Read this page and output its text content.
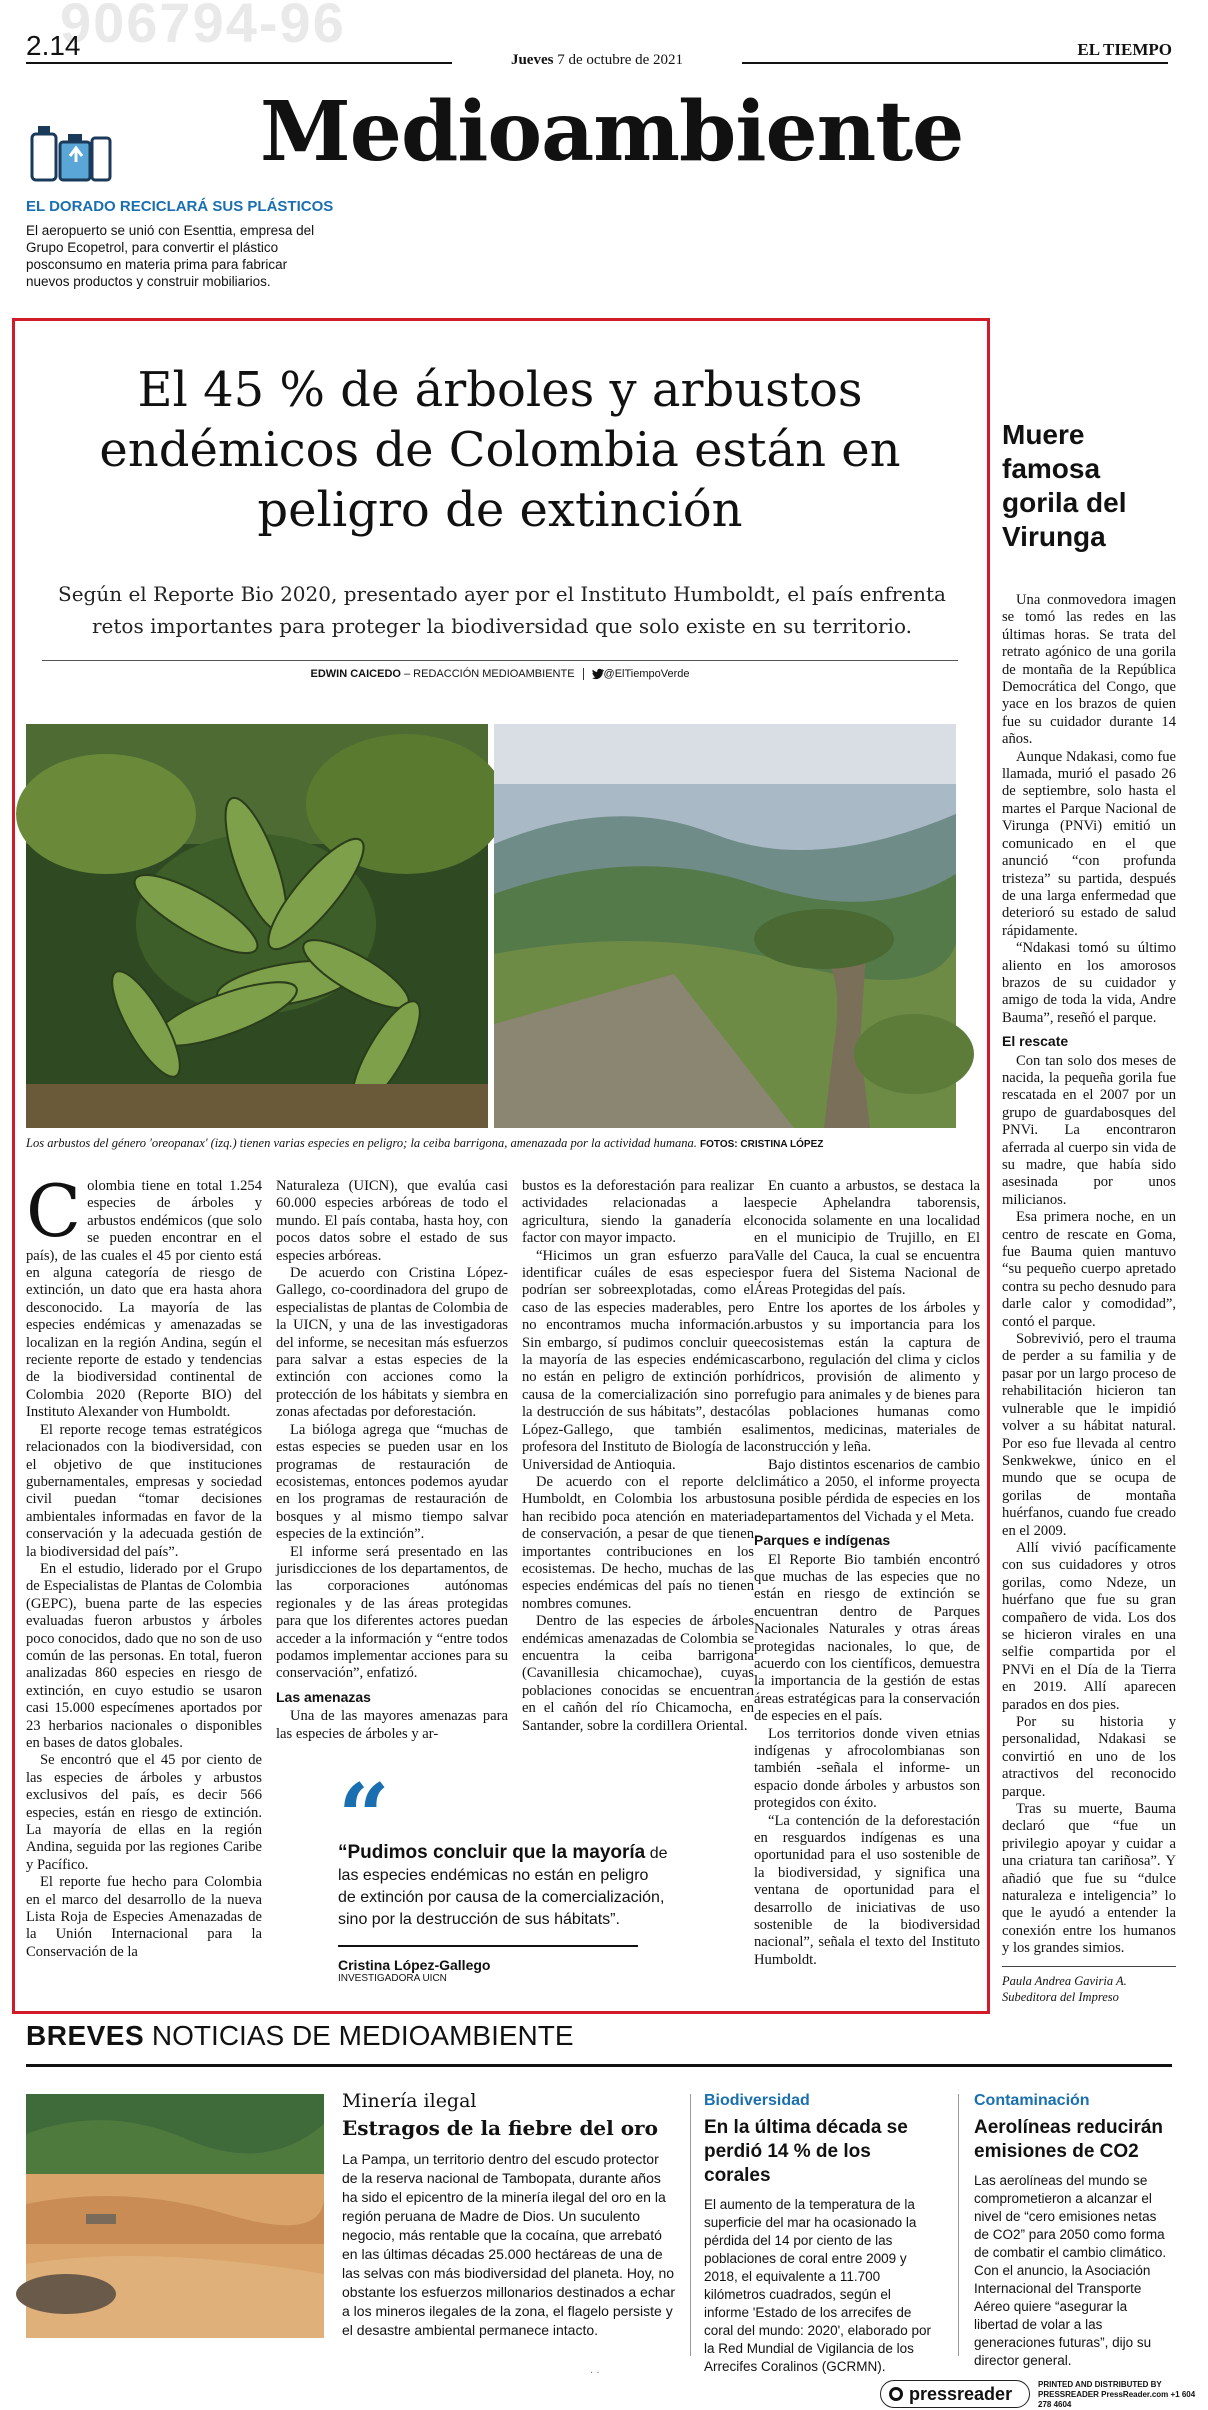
906794-96
2.14	Jueves 7 de octubre de 2021
EL TIEMPO
Medioambiente
EL DORADO RECICLARÁ SUS PLÁSTICOS
El aeropuerto se unió con Esenttia, empresa del Grupo Ecopetrol, para convertir el plástico posconsumo en materia prima para fabricar nuevos productos y construir mobiliarios.
El 45 % de árboles y arbustos endémicos de Colombia están en peligro de extinción
Según el Reporte Bio 2020, presentado ayer por el Instituto Humboldt, el país enfrenta retos importantes para proteger la biodiversidad que solo existe en su territorio.
EDWIN CAICEDO – REDACCIÓN MEDIOAMBIENTE	@ElTiempoVerde
Los arbustos del género 'oreopanax' (izq.) tienen varias especies en peligro; la ceiba barrigona, amenazada por la actividad humana. FOTOS: CRISTINA LÓPEZ

Colombia tiene en total 1.254 especies de árboles y arbustos endémicos (que solo se pueden encontrar en el país), de las cuales el 45 por ciento está en alguna categoría de riesgo de extinción, un dato que era hasta ahora desconocido. La mayoría de las especies endémicas y amenazadas se localizan en la región Andina, según el reciente reporte de estado y tendencias de la biodiversidad continental de Colombia 2020 (Reporte BIO) del Instituto Alexander von Humboldt.

El reporte recoge temas estratégicos relacionados con la biodiversidad, con el objetivo de que instituciones gubernamentales, empresas y sociedad civil puedan “tomar decisiones ambientales informadas en favor de la conservación y la adecuada gestión de la biodiversidad del país”.

En el estudio, liderado por el Grupo de Especialistas de Plantas de Colombia (GEPC), buena parte de las especies evaluadas fueron arbustos y árboles poco conocidos, dado que no son de uso común de las personas. En total, fueron analizadas 860 especies en riesgo de extinción, en cuyo estudio se usaron casi 15.000 especímenes aportados por 23 herbarios nacionales o disponibles en bases de datos globales.

Se encontró que el 45 por ciento de las especies de árboles y arbustos exclusivos del país, es decir 566 especies, están en riesgo de extinción. La mayoría de ellas en la región Andina, seguida por las regiones Caribe y Pacífico.

El reporte fue hecho para Colombia en el marco del desarrollo de la nueva Lista Roja de Especies Amenazadas de la Unión Internacional para la Conservación de la

Naturaleza (UICN), que evalúa casi 60.000 especies arbóreas de todo el mundo. El país contaba, hasta hoy, con pocos datos sobre el estado de sus especies arbóreas.

De acuerdo con Cristina López-Gallego, co-coordinadora del grupo de especialistas de plantas de Colombia de la UICN, y una de las investigadoras del informe, se necesitan más esfuerzos para salvar a estas especies de la extinción con acciones como la protección de los hábitats y siembra en zonas afectadas por deforestación.

La bióloga agrega que “muchas de estas especies se pueden usar en los programas de restauración de ecosistemas, entonces podemos ayudar en los programas de restauración de bosques y al mismo tiempo salvar especies de la extinción”.

El informe será presentado en las jurisdicciones de los departamentos, de las corporaciones autónomas regionales y de las áreas protegidas para que los diferentes actores puedan acceder a la información y “entre todos podamos implementar acciones para su conservación”, enfatizó.

Las amenazas

Una de las mayores amenazas para las especies de árboles y ar-

bustos es la deforestación para realizar actividades relacionadas a la agricultura, siendo la ganadería el factor con mayor impacto.

“Hicimos un gran esfuerzo para identificar cuáles de esas especies podrían ser sobreexplotadas, como el caso de las especies maderables, pero no encontramos mucha información. Sin embargo, sí pudimos concluir que la mayoría de las especies endémicas no están en peligro de extinción por causa de la comercialización sino por la destrucción de sus hábitats”, destacó López-Gallego, que también es profesora del Instituto de Biología de la Universidad de Antioquia.

De acuerdo con el reporte del Humboldt, en Colombia los arbustos han recibido poca atención en materia de conservación, a pesar de que tienen importantes contribuciones en los ecosistemas. De hecho, muchas de las especies endémicas del país no tienen nombres comunes.

Dentro de las especies de árboles endémicas amenazadas de Colombia se encuentra la ceiba barrigona (Cavanillesia chicamochae), cuyas poblaciones conocidas se encuentran en el cañón del río Chicamocha, en Santander, sobre la cordillera Oriental.

En cuanto a arbustos, se destaca la especie Aphelandra taborensis, conocida solamente en una localidad en el municipio de Trujillo, en El Valle del Cauca, la cual se encuentra por fuera del Sistema Nacional de Áreas Protegidas del país.

Entre los aportes de los árboles y arbustos y su importancia para los ecosistemas están la captura de carbono, regulación del clima y ciclos hídricos, provisión de alimento y refugio para animales y de bienes para las poblaciones humanas como alimentos, medicinas, materiales de construcción y leña.

Bajo distintos escenarios de cambio climático a 2050, el informe proyecta una posible pérdida de especies en los departamentos del Vichada y el Meta.

Parques e indígenas

El Reporte Bio también encontró que muchas de las especies que no están en riesgo de extinción se encuentran dentro de Parques Nacionales Naturales y otras áreas protegidas nacionales, lo que, de acuerdo con los científicos, demuestra la importancia de la gestión de estas áreas estratégicas para la conservación de especies en el país.

Los territorios donde viven etnias indígenas y afrocolombianas son también -señala el informe- un espacio donde árboles y arbustos son protegidos con éxito.

“La contención de la deforestación en resguardos indígenas es una oportunidad para el uso sostenible de la biodiversidad, y significa una ventana de oportunidad para el desarrollo de iniciativas de uso sostenible de la biodiversidad nacional”, señala el texto del Instituto Humboldt.

“
“Pudimos concluir que la mayoría de las especies endémicas no están en peligro de extinción por causa de la comercialización, sino por la destrucción de sus hábitats”.
Cristina López-Gallego
INVESTIGADORA UICN
Muere famosa gorila del Virunga

Una conmovedora imagen se tomó las redes en las últimas horas. Se trata del retrato agónico de una gorila de montaña de la República Democrática del Congo, que yace en los brazos de quien fue su cuidador durante 14 años.

Aunque Ndakasi, como fue llamada, murió el pasado 26 de septiembre, solo hasta el martes el Parque Nacional de Virunga (PNVi) emitió un comunicado en el que anunció “con profunda tristeza” su partida, después de una larga enfermedad que deterioró su estado de salud rápidamente.

“Ndakasi tomó su último aliento en los amorosos brazos de su cuidador y amigo de toda la vida, Andre Bauma”, reseñó el parque.

El rescate

Con tan solo dos meses de nacida, la pequeña gorila fue rescatada en el 2007 por un grupo de guardabosques del PNVi. La encontraron aferrada al cuerpo sin vida de su madre, que había sido asesinada por unos milicianos.

Esa primera noche, en un centro de rescate en Goma, fue Bauma quien mantuvo “su pequeño cuerpo apretado contra su pecho desnudo para darle calor y comodidad”, contó el parque.

Sobrevivió, pero el trauma de perder a su familia y de pasar por un largo proceso de rehabilitación hicieron tan vulnerable que le impidió volver a su hábitat natural. Por eso fue llevada al centro Senkwekwe, único en el mundo que se ocupa de gorilas de montaña huérfanos, cuando fue creado en el 2009.

Allí vivió pacíficamente con sus cuidadores y otros gorilas, como Ndeze, un huérfano que fue su gran compañero de vida. Los dos se hicieron virales en una selfie compartida por el PNVi en el Día de la Tierra en 2019. Allí aparecen parados en dos pies.

Por su historia y personalidad, Ndakasi se convirtió en uno de los atractivos del reconocido parque.

Tras su muerte, Bauma declaró que “fue un privilegio apoyar y cuidar a una criatura tan cariñosa”. Y añadió que fue su “dulce naturaleza e inteligencia” lo que le ayudó a entender la conexión entre los humanos y los grandes simios.

Paula Andrea Gaviria A.
Subeditora del Impreso
BREVES NOTICIAS DE MEDIOAMBIENTE
Minería ilegal
Estragos de la fiebre del oro
La Pampa, un territorio dentro del escudo protector de la reserva nacional de Tambopata, durante años ha sido el epicentro de la minería ilegal del oro en la región peruana de Madre de Dios. Un suculento negocio, más rentable que la cocaína, que arrebató en las últimas décadas 25.000 hectáreas de una de las selvas con más biodiversidad del planeta. Hoy, no obstante los esfuerzos millonarios destinados a echar a los mineros ilegales de la zona, el flagelo persiste y el desastre ambiental permanece intacto.
Biodiversidad
En la última década se perdió 14 % de los corales
El aumento de la temperatura de la superficie del mar ha ocasionado la pérdida del 14 por ciento de las poblaciones de coral entre 2009 y 2018, el equivalente a 11.700 kilómetros cuadrados, según el informe 'Estado de los arrecifes de coral del mundo: 2020', elaborado por la Red Mundial de Vigilancia de los Arrecifes Coralinos (GCRMN).
Contaminación
Aerolíneas reducirán emisiones de CO2
Las aerolíneas del mundo se comprometieron a alcanzar el nivel de “cero emisiones netas de CO2” para 2050 como forma de combatir el cambio climático. Con el anuncio, la Asociación Internacional del Transporte Aéreo quiere “asegurar la libertad de volar a las generaciones futuras”, dijo su director general.
· ·
pressreader	PRINTED AND DISTRIBUTED BY PRESSREADER PressReader.com +1 604 278 4604
